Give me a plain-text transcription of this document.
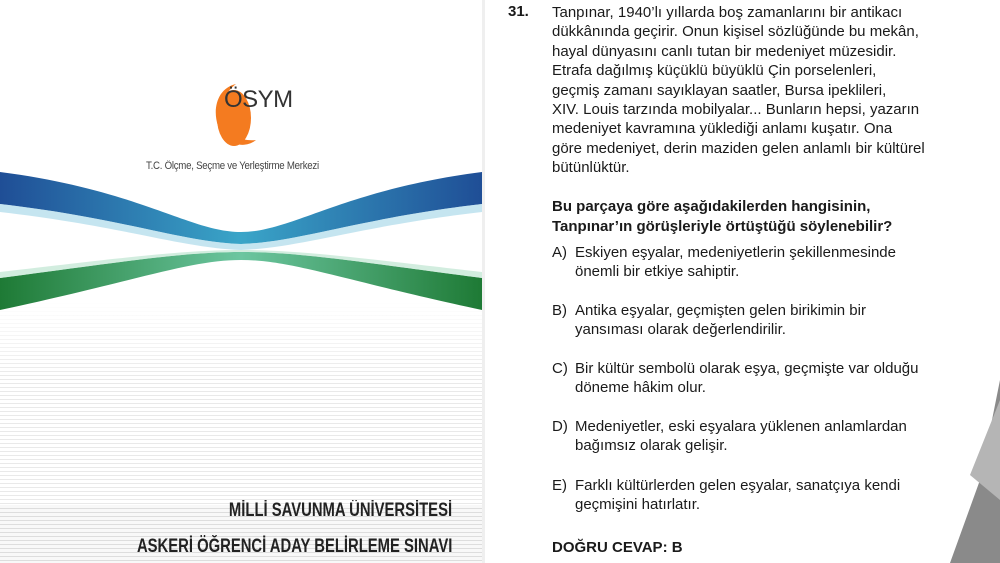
ÖSYM
T.C. Ölçme, Seçme ve Yerleştirme Merkezi
MİLLİ SAVUNMA ÜNİVERSİTESİ
ASKERİ ÖĞRENCİ ADAY BELİRLEME SINAVI
31. Tanpınar, 1940’lı yıllarda boş zamanlarını bir antikacı
dükkânında geçirir. Onun kişisel sözlüğünde bu mekân,
hayal dünyasını canlı tutan bir medeniyet müzesidir.
Etrafa dağılmış küçüklü büyüklü Çin porselenleri,
geçmiş zamanı sayıklayan saatler, Bursa ipeklileri,
XIV. Louis tarzında mobilyalar... Bunların hepsi, yazarın
medeniyet kavramına yüklediği anlamı kuşatır. Ona
göre medeniyet, derin maziden gelen anlamlı bir kültürel
bütünlüktür.
Bu parçaya göre aşağıdakilerden hangisinin,
Tanpınar’ın görüşleriyle örtüştüğü söylenebilir?
A) Eskiyen eşyalar, medeniyetlerin şekillenmesinde
önemli bir etkiye sahiptir.
B) Antika eşyalar, geçmişten gelen birikimin bir
yansıması olarak değerlendirilir.
C) Bir kültür sembolü olarak eşya, geçmişte var olduğu
döneme hâkim olur.
D) Medeniyetler, eski eşyalara yüklenen anlamlardan
bağımsız olarak gelişir.
E) Farklı kültürlerden gelen eşyalar, sanatçıya kendi
geçmişini hatırlatır.
DOĞRU CEVAP: B
